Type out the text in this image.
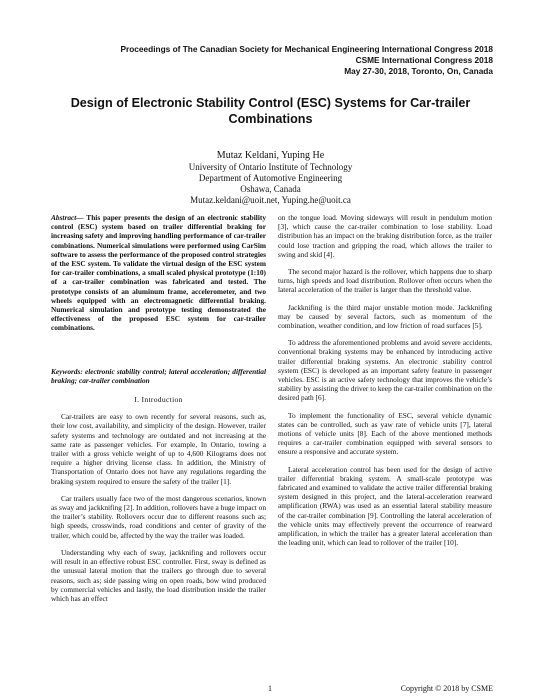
Proceedings of The Canadian Society for Mechanical Engineering International Congress 2018
CSME International Congress 2018
May 27-30, 2018, Toronto, On, Canada
Design of Electronic Stability Control (ESC) Systems for Car-trailer
Combinations
Mutaz Keldani, Yuping He
University of Ontario Institute of Technology
Department of Automotive Engineering
Oshawa, Canada
Mutaz.keldani@uoit.net, Yuping.he@uoit.ca

Abstract— This paper presents the design of an electronic stability control (ESC) system based on trailer differential braking for increasing safety and improving handling performance of car-trailer combinations. Numerical simulations were performed using CarSim software to assess the performance of the proposed control strategies of the ESC system. To validate the virtual design of the ESC system for car-trailer combinations, a small scaled physical prototype (1:10) of a car-trailer combination was fabricated and tested. The prototype consists of an aluminum frame, accelerometer, and two wheels equipped with an electromagnetic differential braking. Numerical simulation and prototype testing demonstrated the effectiveness of the proposed ESC system for car-trailer combinations.

Keywords: electronic stability control; lateral acceleration; differential braking; car-trailer combination

I. Introduction

Car-trailers are easy to own recently for several reasons, such as, their low cost, availability, and simplicity of the design. However, trailer safety systems and technology are outdated and not increasing at the same rate as passenger vehicles. For example, In Ontario, towing a trailer with a gross vehicle weight of up to 4,600 Kilograms does not require a higher driving license class. In addition, the Ministry of Transportation of Ontario does not have any regulations regarding the braking system required to ensure the safety of the trailer [1].

Car trailers usually face two of the most dangerous scenarios, known as sway and jackknifing [2]. In addition, rollovers have a huge impact on the trailer’s stability. Rollovers occur due to different reasons such as; high speeds, crosswinds, road conditions and center of gravity of the trailer, which could be, affected by the way the trailer was loaded.

Understanding why each of sway, jackknifing and rollovers occur will result in an effective robust ESC controller. First, sway is defined as the unusual lateral motion that the trailers go through due to several reasons, such as; side passing wing on open roads, bow wind produced by commercial vehicles and lastly, the load distribution inside the trailer which has an effect

on the tongue load. Moving sideways will result in pendulum motion [3], which cause the car-trailer combination to lose stability. Load distribution has an impact on the braking distribution force, as the trailer could lose traction and gripping the road, which allows the trailer to swing and skid [4].

The second major hazard is the rollover, which happens due to sharp turns, high speeds and load distribution. Rollover often occurs when the lateral acceleration of the trailer is larger than the threshold value.

Jackknifing is the third major unstable motion mode. Jackknifing may be caused by several factors, such as momentum of the combination, weather condition, and low friction of road surfaces [5].

To address the aforementioned problems and avoid severe accidents, conventional braking systems may be enhanced by introducing active trailer differential braking systems. An electronic stability control system (ESC) is developed as an important safety feature in passenger vehicles. ESC is an active safety technology that improves the vehicle’s stability by assisting the driver to keep the car-trailer combination on the desired path [6].

To implement the functionality of ESC, several vehicle dynamic states can be controlled, such as yaw rate of vehicle units [7], lateral motions of vehicle units [8]. Each of the above mentioned methods requires a car-trailer combination equipped with several sensors to ensure a responsive and accurate system.

Lateral acceleration control has been used for the design of active trailer differential braking system. A small-scale prototype was fabricated and examined to validate the active trailer differential braking system designed in this project, and the lateral-acceleration rearward amplification (RWA) was used as an essential lateral stability measure of the car-trailer combination [9]. Controlling the lateral acceleration of the vehicle units may effectively prevent the occurrence of rearward amplification, in which the trailer has a greater lateral acceleration than the leading unit, which can lead to rollover of the trailer [10].

1	Copyright © 2018 by CSME
